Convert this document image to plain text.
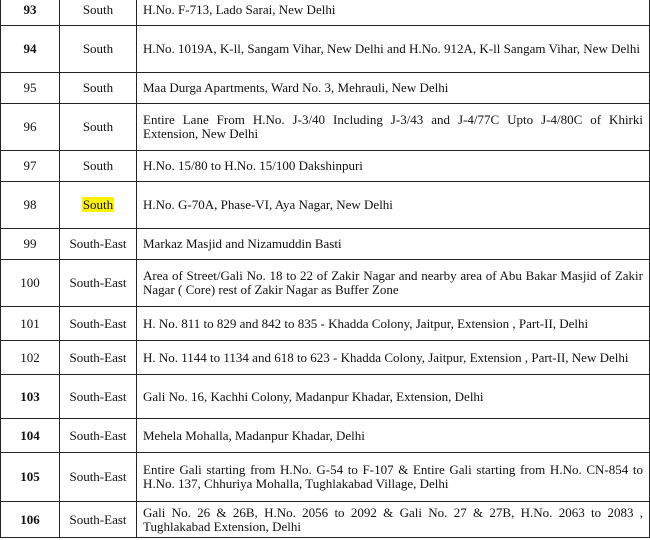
93	South	H.No. F-713, Lado Sarai, New Delhi
94	South	H.No. 1019A, K-ll, Sangam Vihar, New Delhi and H.No. 912A, K-ll Sangam Vihar, New Delhi
95	South	Maa Durga Apartments, Ward No. 3, Mehrauli, New Delhi
96	South	Entire Lane From H.No. J-3/40 Including J-3/43 and J-4/77C Upto J-4/80C of Khirki Extension, New Delhi
97	South	H.No. 15/80 to H.No. 15/100 Dakshinpuri
98	South	H.No. G-70A, Phase-VI, Aya Nagar, New Delhi
99	South-East	Markaz Masjid and Nizamuddin Basti
100	South-East	Area of Street/Gali No. 18 to 22 of Zakir Nagar and nearby area of Abu Bakar Masjid of Zakir Nagar ( Core) rest of Zakir Nagar as Buffer Zone
101	South-East	H. No. 811 to 829 and 842 to 835 - Khadda Colony, Jaitpur, Extension , Part-II, Delhi
102	South-East	H. No. 1144 to 1134 and 618 to 623 - Khadda Colony, Jaitpur, Extension , Part-II, New Delhi
103	South-East	Gali No. 16, Kachhi Colony, Madanpur Khadar, Extension, Delhi
104	South-East	Mehela Mohalla, Madanpur Khadar, Delhi
105	South-East	Entire Gali starting from H.No. G-54 to F-107 & Entire Gali starting from H.No. CN-854 to H.No. 137, Chhuriya Mohalla, Tughlakabad Village, Delhi
106	South-East	Gali No. 26 & 26B, H.No. 2056 to 2092 & Gali No. 27 & 27B, H.No. 2063 to 2083 , Tughlakabad Extension, Delhi
